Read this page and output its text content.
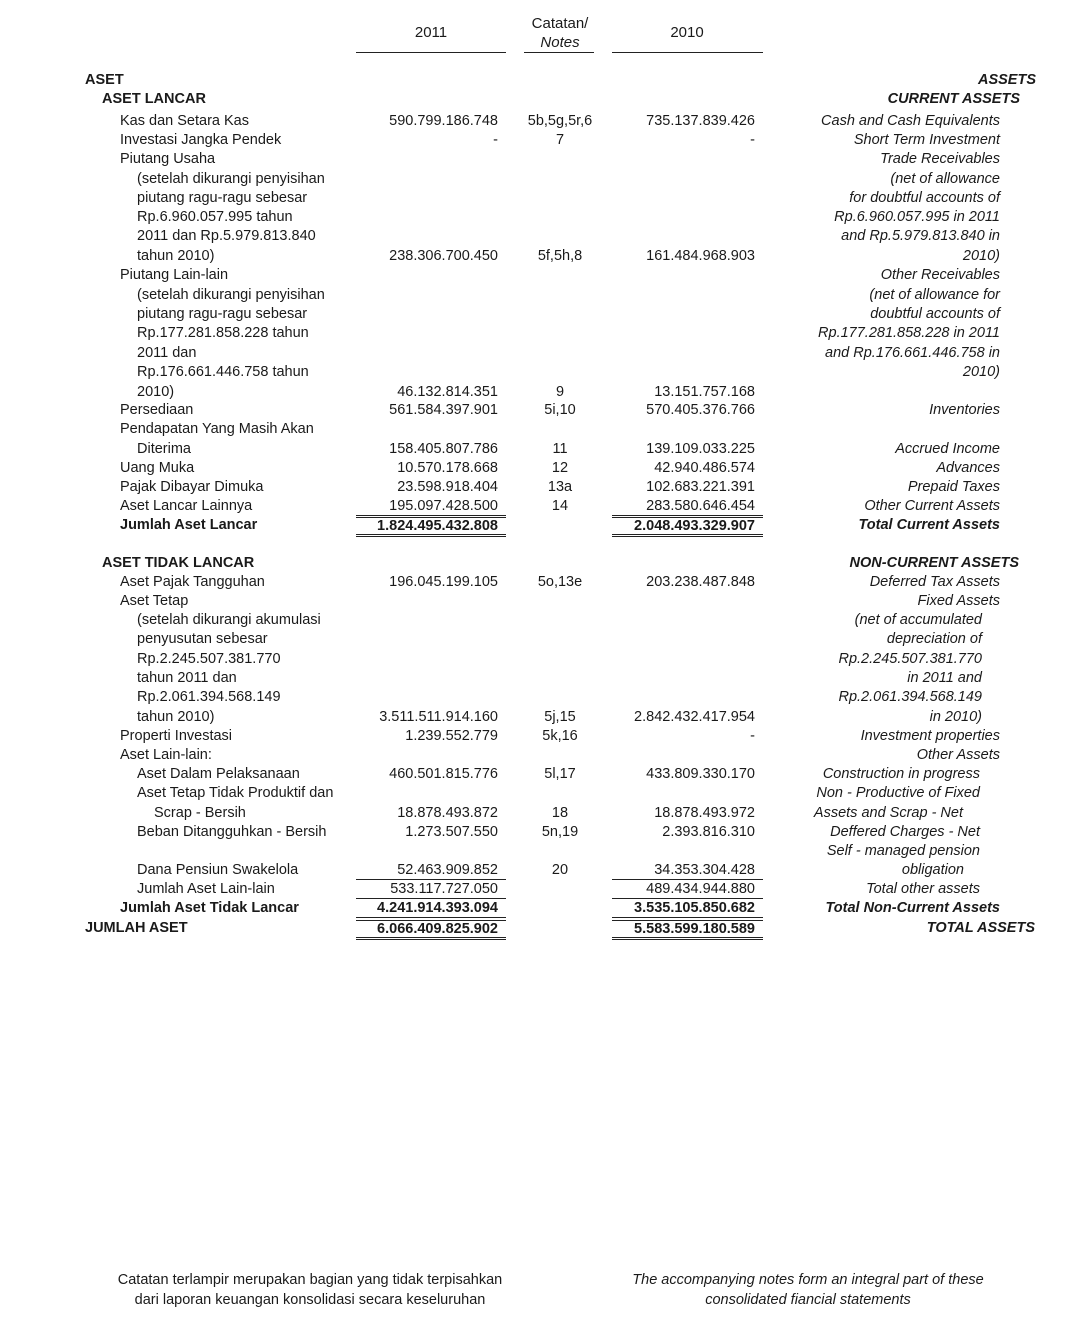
2011
Catatan/
Notes
2010
ASET	ASSETS
ASET LANCAR	CURRENT ASSETS
Kas dan Setara Kas	590.799.186.748	5b,5g,5r,6	735.137.839.426	Cash and Cash Equivalents
Investasi Jangka Pendek	-	7	-	Short Term Investment
Piutang Usaha	Trade Receivables
(setelah dikurangi penyisihan	(net of allowance
piutang ragu-ragu sebesar	for doubtful accounts of
Rp.6.960.057.995 tahun	Rp.6.960.057.995 in 2011
2011 dan Rp.5.979.813.840	and Rp.5.979.813.840 in
tahun 2010)	238.306.700.450	5f,5h,8	161.484.968.903	2010)
Piutang Lain-lain	Other Receivables
(setelah dikurangi penyisihan	(net of allowance for
piutang ragu-ragu sebesar	doubtful accounts of
Rp.177.281.858.228 tahun	Rp.177.281.858.228 in 2011
2011 dan	and Rp.176.661.446.758 in
Rp.176.661.446.758 tahun	2010)
2010)	46.132.814.351	9	13.151.757.168
Persediaan	561.584.397.901	5i,10	570.405.376.766	Inventories
Pendapatan Yang Masih Akan
Diterima	158.405.807.786	11	139.109.033.225	Accrued Income
Uang Muka	10.570.178.668	12	42.940.486.574	Advances
Pajak Dibayar Dimuka	23.598.918.404	13a	102.683.221.391	Prepaid Taxes
Aset Lancar Lainnya	195.097.428.500	14	283.580.646.454	Other Current Assets
Jumlah Aset Lancar	1.824.495.432.808	2.048.493.329.907	Total Current Assets
ASET TIDAK LANCAR	NON-CURRENT ASSETS
Aset Pajak Tangguhan	196.045.199.105	5o,13e	203.238.487.848	Deferred Tax Assets
Aset Tetap	Fixed Assets
(setelah dikurangi akumulasi	(net of accumulated
penyusutan sebesar	depreciation of
Rp.2.245.507.381.770	Rp.2.245.507.381.770
tahun 2011 dan	in 2011 and
Rp.2.061.394.568.149	Rp.2.061.394.568.149
tahun 2010)	3.511.511.914.160	5j,15	2.842.432.417.954	in 2010)
Properti Investasi	1.239.552.779	5k,16	-	Investment properties
Aset Lain-lain:	Other Assets
Aset Dalam Pelaksanaan	460.501.815.776	5l,17	433.809.330.170	Construction in progress
Aset Tetap Tidak Produktif dan	Non - Productive of Fixed
Scrap - Bersih	18.878.493.872	18	18.878.493.972	Assets and Scrap - Net
Beban Ditangguhkan - Bersih	1.273.507.550	5n,19	2.393.816.310	Deffered Charges - Net
Self - managed pension
Dana Pensiun Swakelola	52.463.909.852	20	34.353.304.428	obligation
Jumlah Aset Lain-lain	533.117.727.050	489.434.944.880	Total other assets
Jumlah Aset Tidak Lancar	4.241.914.393.094	3.535.105.850.682	Total Non-Current Assets
JUMLAH ASET	6.066.409.825.902	5.583.599.180.589	TOTAL ASSETS
Catatan terlampir merupakan bagian yang tidak terpisahkan
dari laporan keuangan konsolidasi secara keseluruhan
The accompanying notes form an integral part of these
consolidated fiancial statements
